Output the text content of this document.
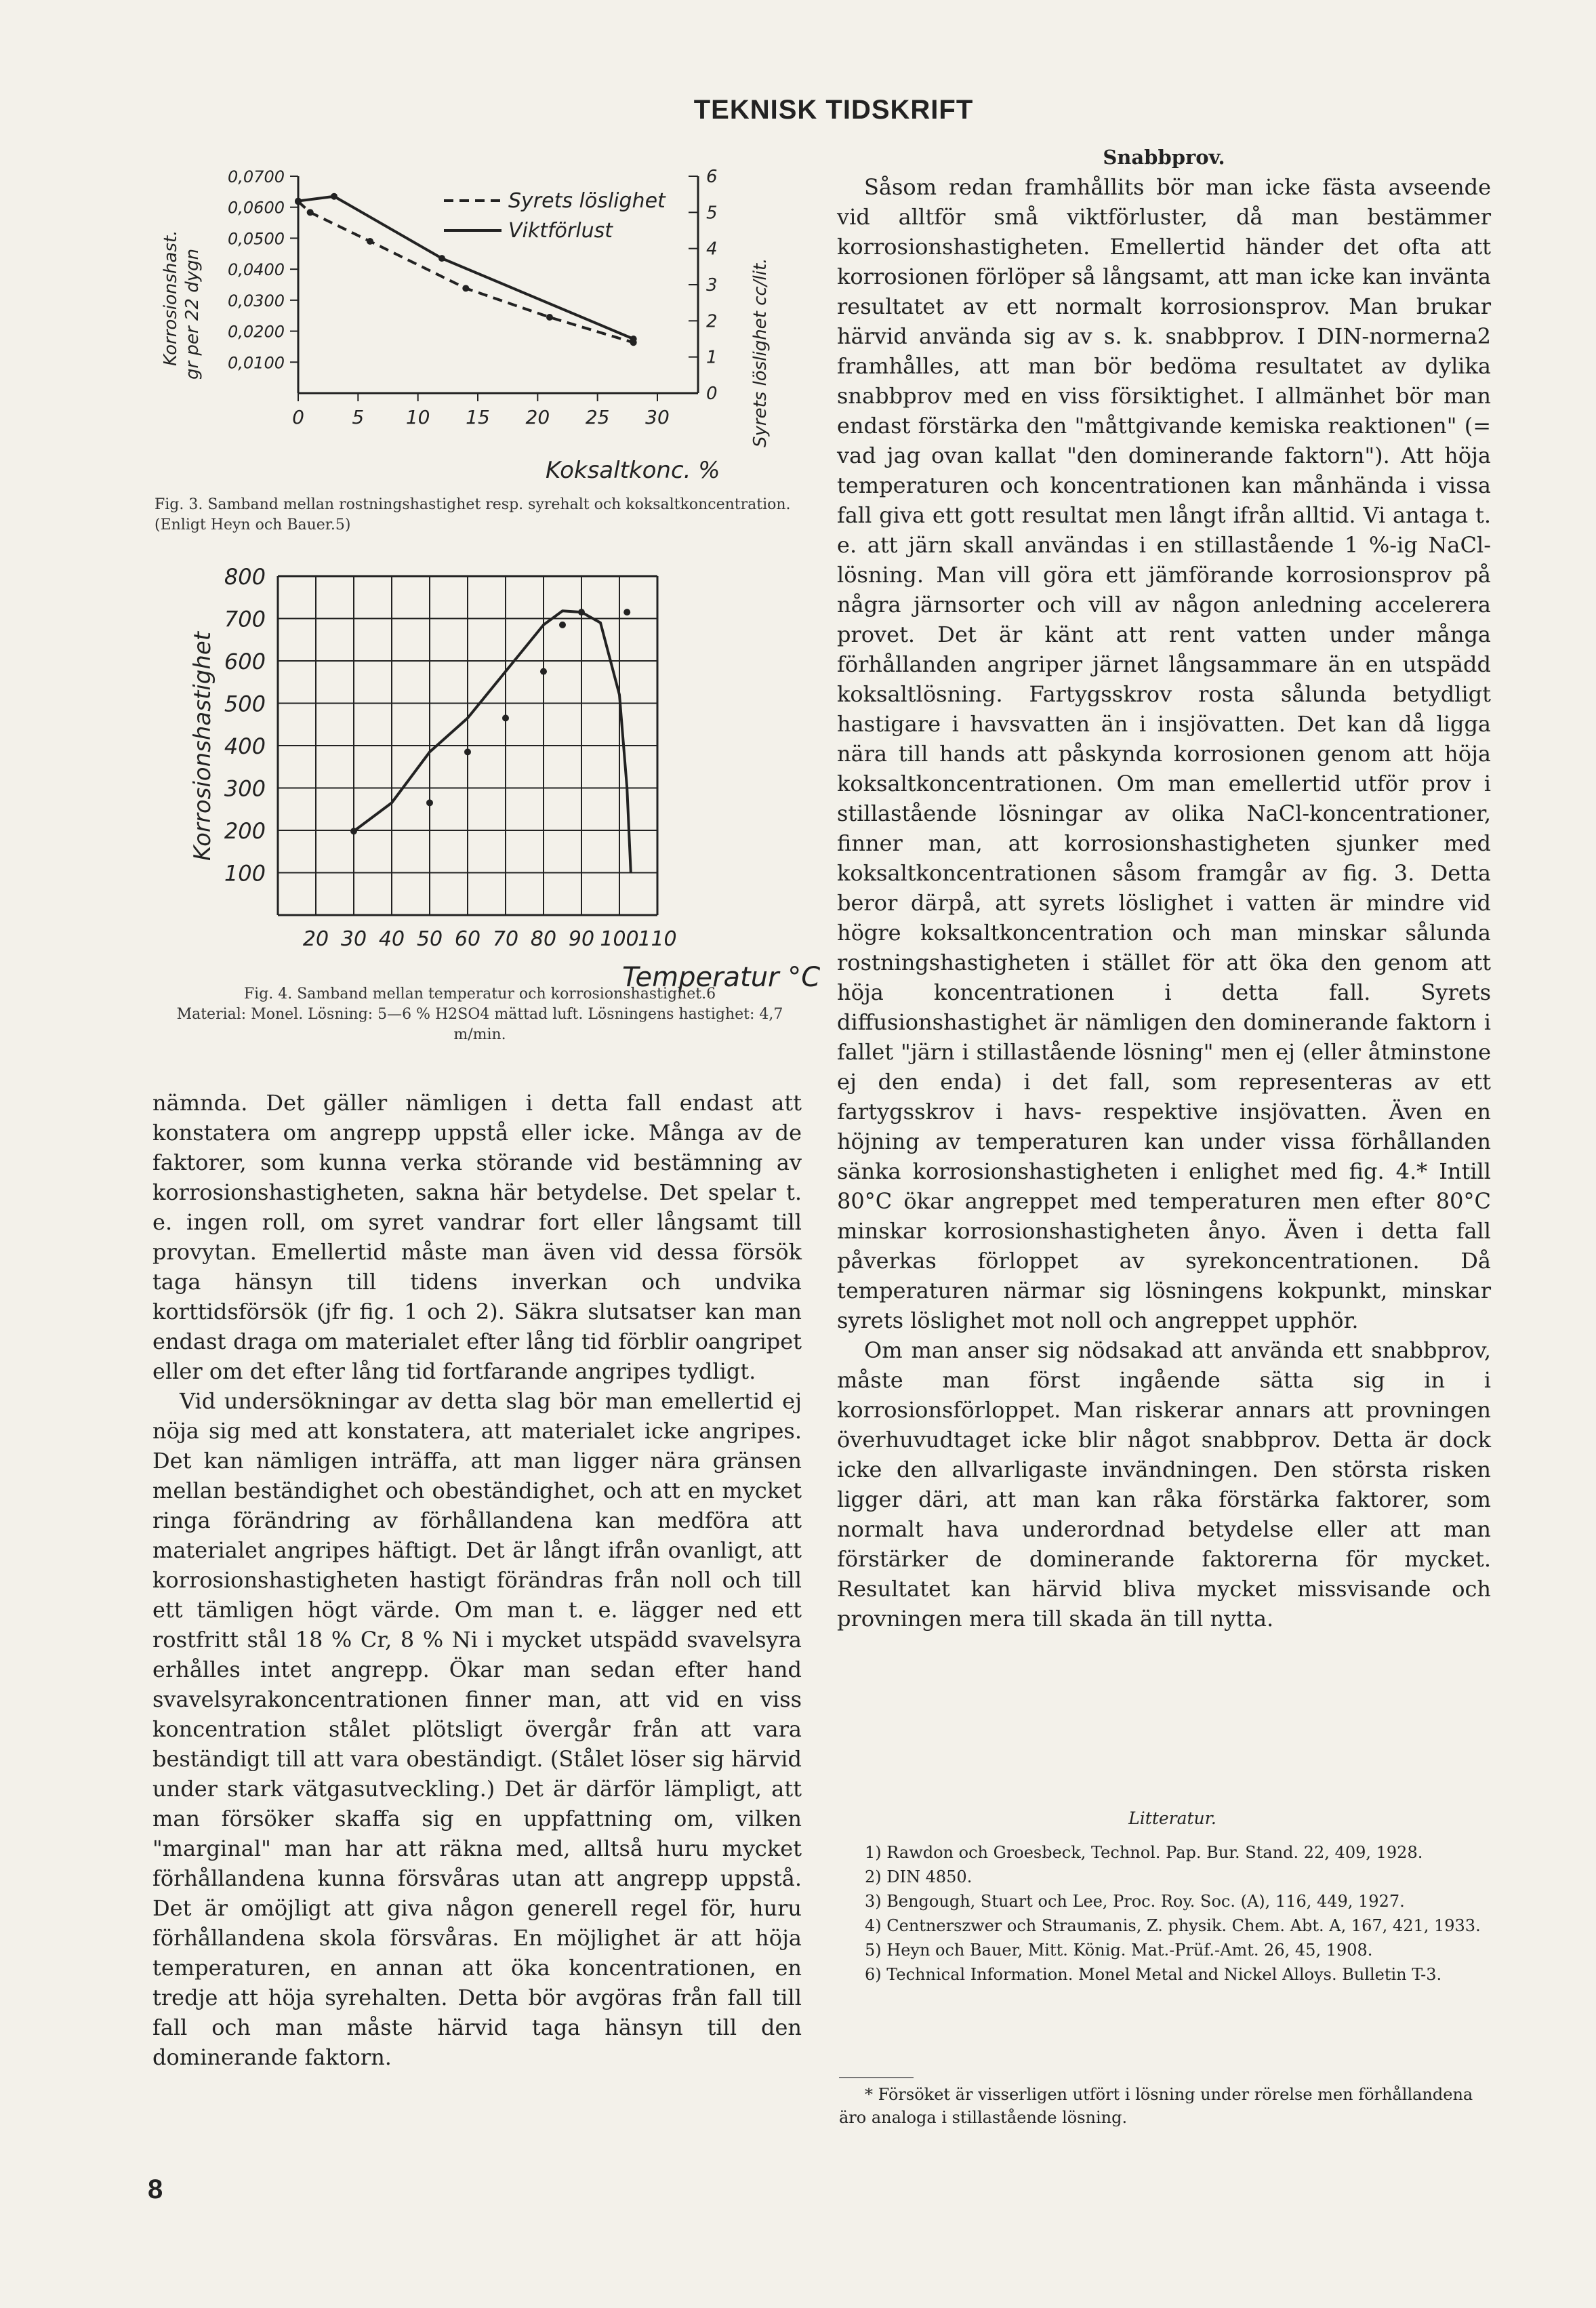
TEKNISK TIDSKRIFT
0,0700
0,0600
0,0500
0,0400
0,0300
0,0200
0,0100
6
5
4
3
2
1
0
0	5 10 15 20 25 30
Korrosionshast. gr per 22 dygn	Syrets löslighet cc/lit.
Koksaltkonc. %
Syrets löslighet
Viktförlust
Fig. 3. Samband mellan rostningshastighet resp. syrehalt och koksaltkoncentration. (Enligt Heyn och Bauer.5)
800
700
600
500
400
300
200
100
20 30 40 50 60 70 80 90 100
110
Korrosionshastighet
Temperatur °C
Fig. 4. Samband mellan temperatur och korrosionshastighet.6
Material: Monel. Lösning: 5—6 % H2SO4 mättad luft. Lösningens hastighet: 4,7 m/min.

nämnda. Det gäller nämligen i detta fall endast att konstatera om angrepp uppstå eller icke. Många av de faktorer, som kunna verka störande vid bestämning av korrosionshastigheten, sakna här betydelse. Det spelar t. e. ingen roll, om syret vandrar fort eller långsamt till provytan. Emellertid måste man även vid dessa försök taga hänsyn till tidens inverkan och undvika korttidsförsök (jfr fig. 1 och 2). Säkra slutsatser kan man endast draga om materialet efter lång tid förblir oangripet eller om det efter lång tid fortfarande angripes tydligt.

Vid undersökningar av detta slag bör man emellertid ej nöja sig med att konstatera, att materialet icke angripes. Det kan nämligen inträffa, att man ligger nära gränsen mellan beständighet och obeständighet, och att en mycket ringa förändring av förhållandena kan medföra att materialet angripes häftigt. Det är långt ifrån ovanligt, att korrosionshastigheten hastigt förändras från noll och till ett tämligen högt värde. Om man t. e. lägger ned ett rostfritt stål 18 % Cr, 8 % Ni i mycket utspädd svavelsyra erhålles intet angrepp. Ökar man sedan efter hand svavelsyrakoncentrationen finner man, att vid en viss koncentration stålet plötsligt övergår från att vara beständigt till att vara obeständigt. (Stålet löser sig härvid under stark vätgasutveckling.) Det är därför lämpligt, att man försöker skaffa sig en uppfattning om, vilken "marginal" man har att räkna med, alltså huru mycket förhållandena kunna försvåras utan att angrepp uppstå. Det är omöjligt att giva någon generell regel för, huru förhållandena skola försvåras. En möjlighet är att höja temperaturen, en annan att öka koncentrationen, en tredje att höja syrehalten. Detta bör avgöras från fall till fall och man måste härvid taga hänsyn till den dominerande faktorn.

Snabbprov.

Såsom redan framhållits bör man icke fästa avseende vid alltför små viktförluster, då man bestämmer korrosionshastigheten. Emellertid händer det ofta att korrosionen förlöper så långsamt, att man icke kan invänta resultatet av ett normalt korrosionsprov. Man brukar härvid använda sig av s. k. snabbprov. I DIN-normerna2 framhålles, att man bör bedöma resultatet av dylika snabbprov med en viss försiktighet. I allmänhet bör man endast förstärka den "måttgivande kemiska reaktionen" (= vad jag ovan kallat "den dominerande faktorn"). Att höja temperaturen och koncentrationen kan månhända i vissa fall giva ett gott resultat men långt ifrån alltid. Vi antaga t. e. att järn skall användas i en stillastående 1 %-ig NaCl-lösning. Man vill göra ett jämförande korrosionsprov på några järnsorter och vill av någon anledning accelerera provet. Det är känt att rent vatten under många förhållanden angriper järnet långsammare än en utspädd koksaltlösning. Fartygsskrov rosta sålunda betydligt hastigare i havsvatten än i insjövatten. Det kan då ligga nära till hands att påskynda korrosionen genom att höja koksaltkoncentrationen. Om man emellertid utför prov i stillastående lösningar av olika NaCl-koncentrationer, finner man, att korrosionshastigheten sjunker med koksaltkoncentrationen såsom framgår av fig. 3. Detta beror därpå, att syrets löslighet i vatten är mindre vid högre koksaltkoncentration och man minskar sålunda rostningshastigheten i stället för att öka den genom att höja koncentrationen i detta fall. Syrets diffusionshastighet är nämligen den dominerande faktorn i fallet "järn i stillastående lösning" men ej (eller åtminstone ej den enda) i det fall, som representeras av ett fartygsskrov i havs- respektive insjövatten. Även en höjning av temperaturen kan under vissa förhållanden sänka korrosionshastigheten i enlighet med fig. 4.* Intill 80°C ökar angreppet med temperaturen men efter 80°C minskar korrosionshastigheten ånyo. Även i detta fall påverkas förloppet av syrekoncentrationen. Då temperaturen närmar sig lösningens kokpunkt, minskar syrets löslighet mot noll och angreppet upphör.

Om man anser sig nödsakad att använda ett snabbprov, måste man först ingående sätta sig in i korrosionsförloppet. Man riskerar annars att provningen överhuvudtaget icke blir något snabbprov. Detta är dock icke den allvarligaste invändningen. Den största risken ligger däri, att man kan råka förstärka faktorer, som normalt hava underordnad betydelse eller att man förstärker de dominerande faktorerna för mycket. Resultatet kan härvid bliva mycket missvisande och provningen mera till skada än till nytta.

Litteratur.
1) Rawdon och Groesbeck, Technol. Pap. Bur. Stand. 22, 409, 1928.
2) DIN 4850.
3) Bengough, Stuart och Lee, Proc. Roy. Soc. (A), 116, 449, 1927.
4) Centnerszwer och Straumanis, Z. physik. Chem. Abt. A, 167, 421, 1933.
5) Heyn och Bauer, Mitt. König. Mat.-Prüf.-Amt. 26, 45, 1908.
6) Technical Information. Monel Metal and Nickel Alloys. Bulletin T-3.
* Försöket är visserligen utfört i lösning under rörelse men förhållandena äro analoga i stillastående lösning.
8
